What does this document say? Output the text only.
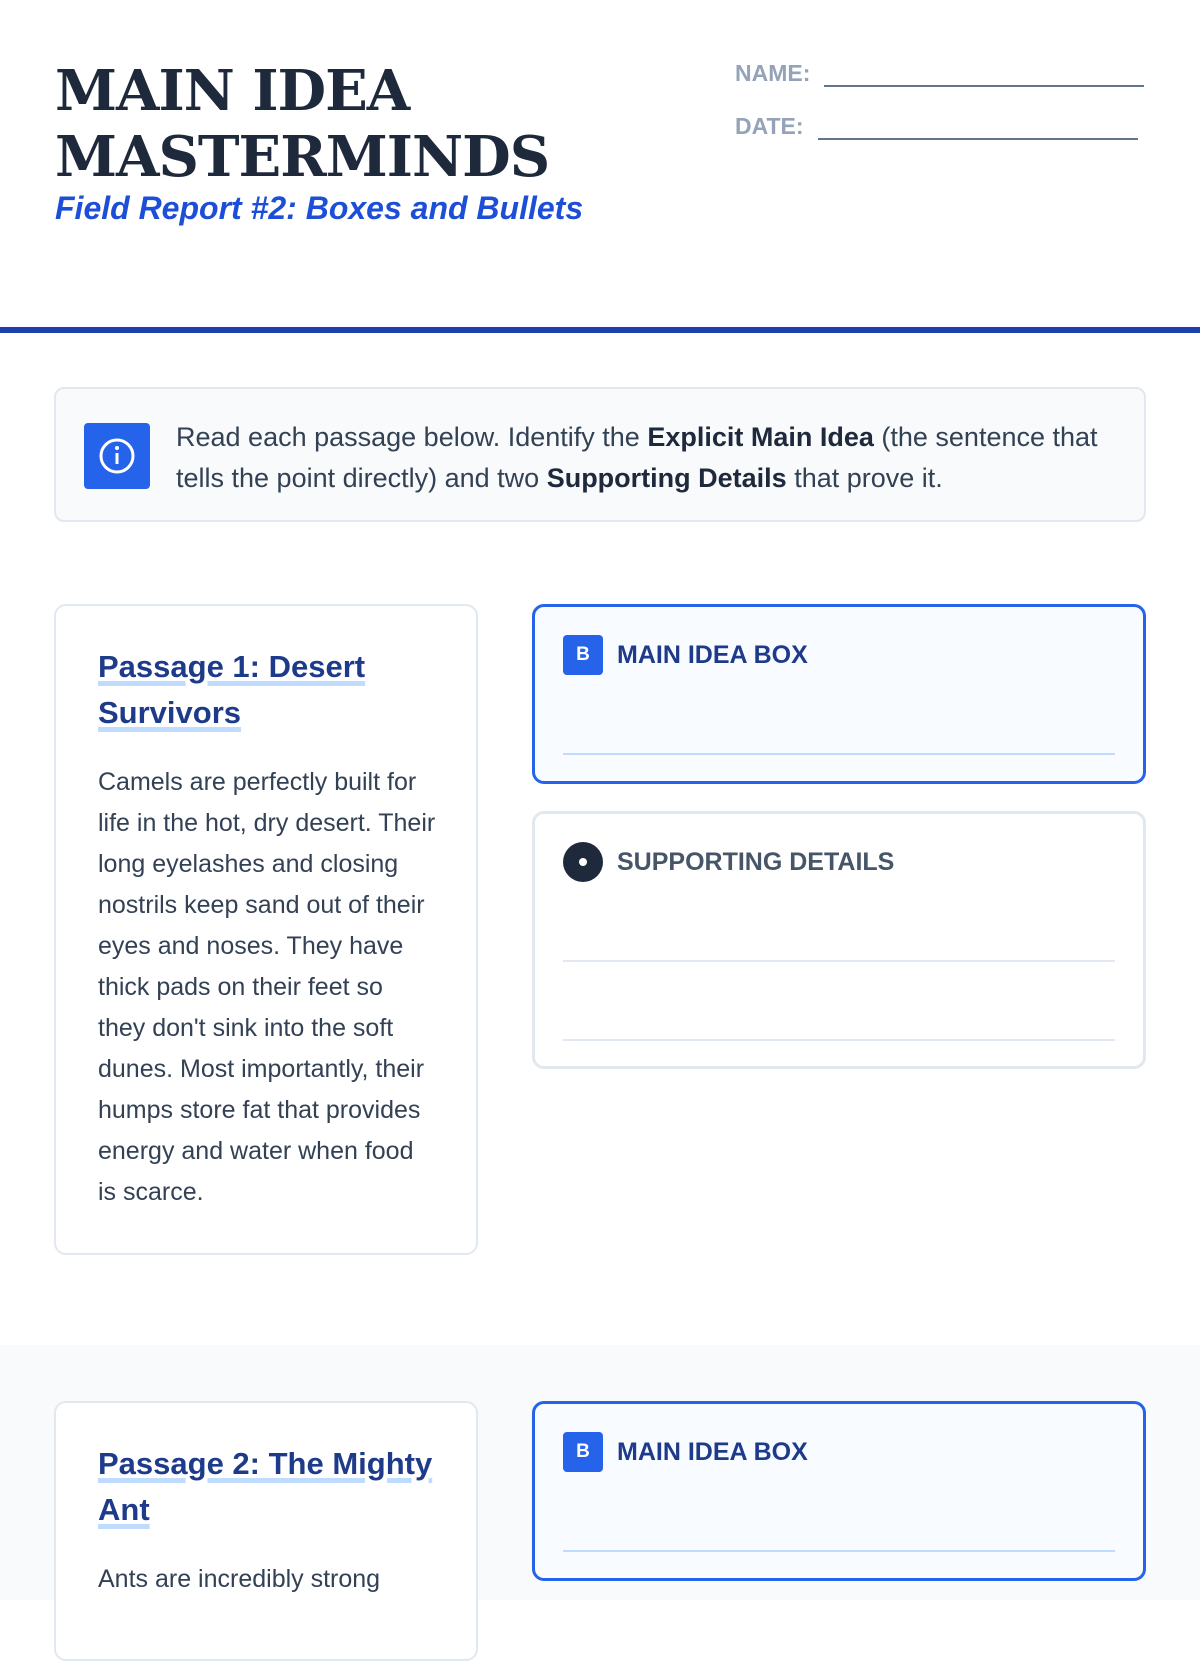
MAIN IDEA
MASTERMINDS
Field Report #2: Boxes and Bullets
NAME:
DATE:
Read each passage below. Identify the Explicit Main Idea (the sentence that tells the point directly) and two Supporting Details that prove it.
Passage 1: Desert Survivors

Camels are perfectly built for life in the hot, dry desert. Their long eyelashes and closing nostrils keep sand out of their eyes and noses. They have thick pads on their feet so they don't sink into the soft dunes. Most importantly, their humps store fat that provides energy and water when food is scarce.

B	MAIN IDEA BOX
SUPPORTING DETAILS
Passage 2: The Mighty Ant

Ants are incredibly strong

B	MAIN IDEA BOX
